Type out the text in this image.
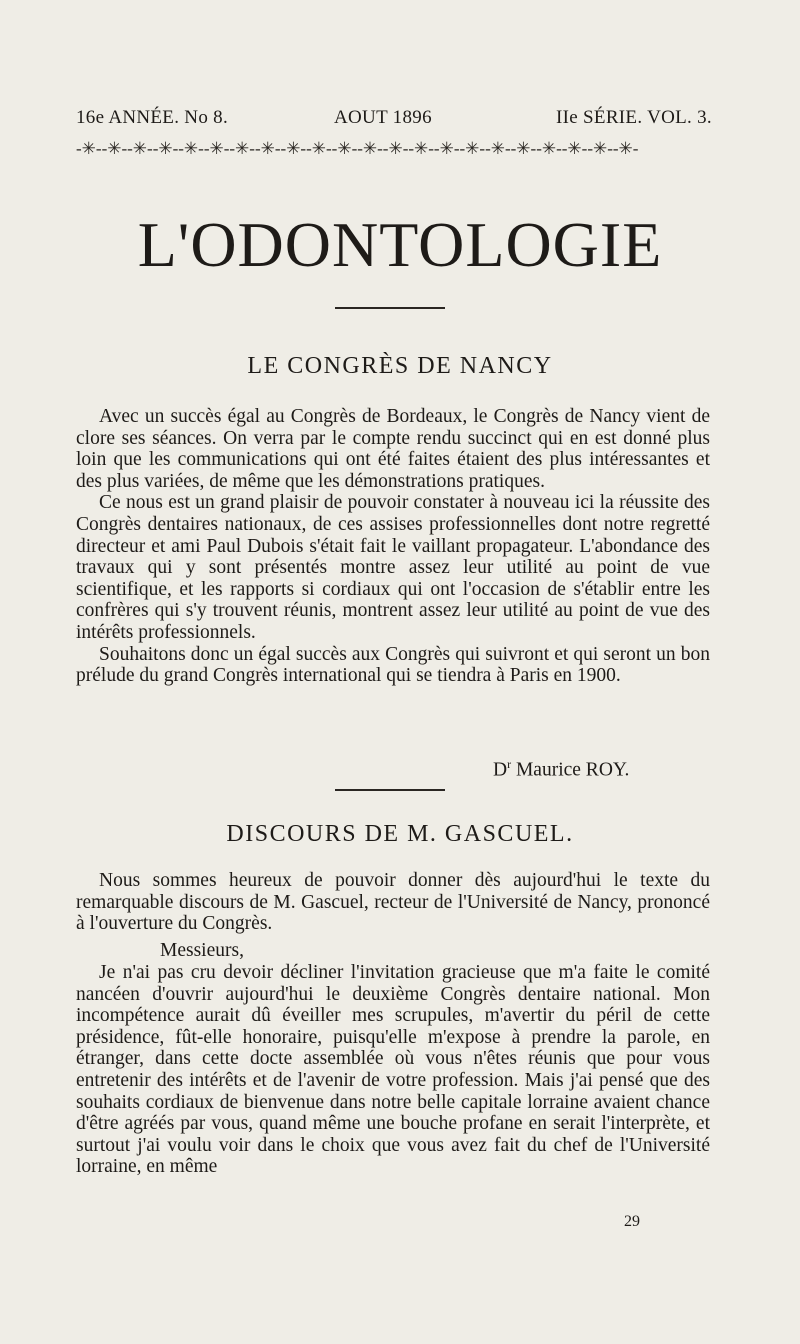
16e ANNÉE. No 8.	AOUT 1896	IIe SÉRIE. VOL. 3.
-✳--✳--✳--✳--✳--✳--✳--✳--✳--✳--✳--✳--✳--✳--✳--✳--✳--✳--✳--✳--✳--✳-
L'ODONTOLOGIE
LE CONGRÈS DE NANCY

Avec un succès égal au Congrès de Bordeaux, le Congrès de Nancy vient de clore ses séances. On verra par le compte rendu succinct qui en est donné plus loin que les communications qui ont été faites étaient des plus intéressantes et des plus variées, de même que les démonstrations pratiques.

Ce nous est un grand plaisir de pouvoir constater à nouveau ici la réussite des Congrès dentaires nationaux, de ces assises professionnelles dont notre regretté directeur et ami Paul Dubois s'était fait le vaillant propagateur. L'abondance des travaux qui y sont présentés montre assez leur utilité au point de vue scientifique, et les rapports si cordiaux qui ont l'occasion de s'établir entre les confrères qui s'y trouvent réunis, montrent assez leur utilité au point de vue des intérêts professionnels.

Souhaitons donc un égal succès aux Congrès qui suivront et qui seront un bon prélude du grand Congrès international qui se tiendra à Paris en 1900.

$D^r$ Maurice ROY.
DISCOURS DE M. GASCUEL.

Nous sommes heureux de pouvoir donner dès aujourd'hui le texte du remarquable discours de M. Gascuel, recteur de l'Université de Nancy, prononcé à l'ouverture du Congrès.

Messieurs,

Je n'ai pas cru devoir décliner l'invitation gracieuse que m'a faite le comité nancéen d'ouvrir aujourd'hui le deuxième Congrès dentaire national. Mon incompétence aurait dû éveiller mes scrupules, m'avertir du péril de cette présidence, fût-elle honoraire, puisqu'elle m'expose à prendre la parole, en étranger, dans cette docte assemblée où vous n'êtes réunis que pour vous entretenir des intérêts et de l'avenir de votre profession. Mais j'ai pensé que des souhaits cordiaux de bienvenue dans notre belle capitale lorraine avaient chance d'être agréés par vous, quand même une bouche profane en serait l'interprète, et surtout j'ai voulu voir dans le choix que vous avez fait du chef de l'Université lorraine, en même

29
